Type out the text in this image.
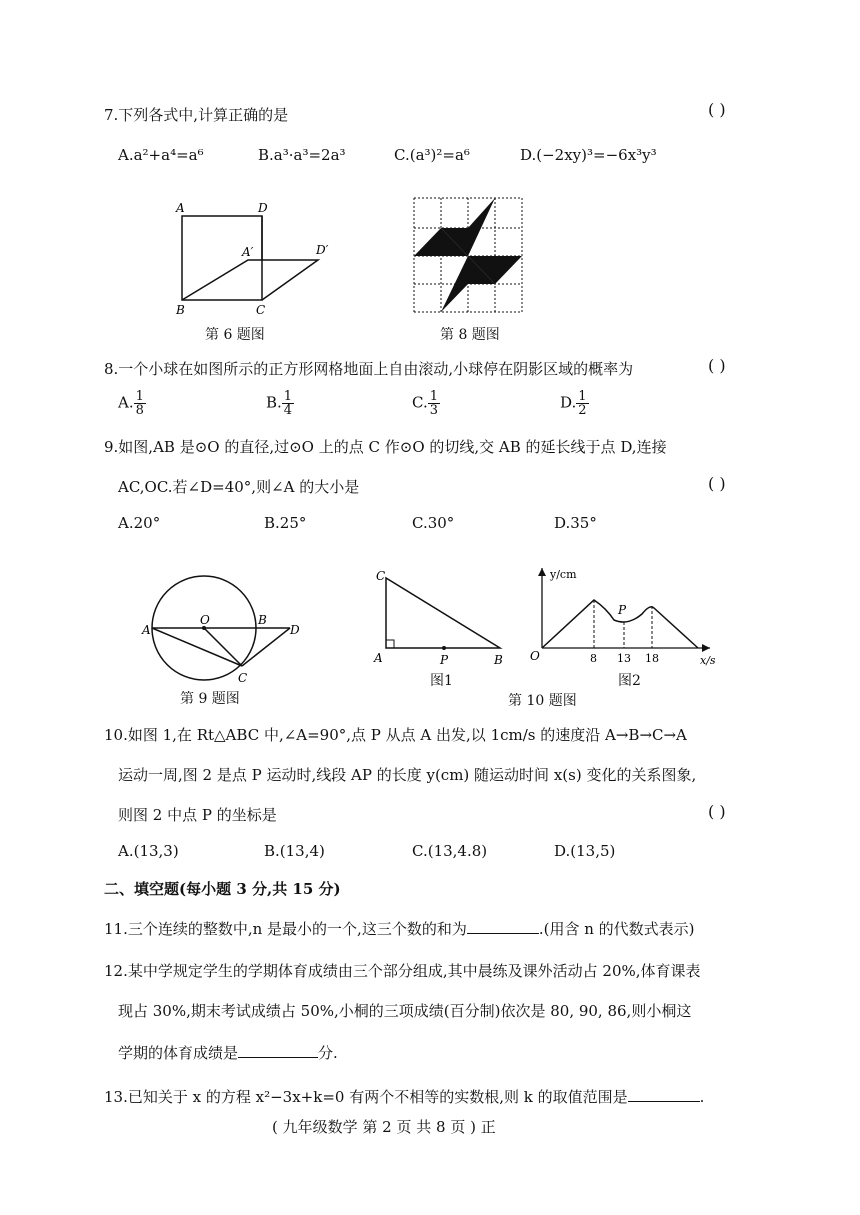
7.下列各式中,计算正确的是	( )
A.a²+a⁴=a⁶	B.a³·a³=2a³	C.(a³)²=a⁶	D.(−2xy)³=−6x³y³
A	D
A′	D′
B	C
第 6 题图	第 8 题图
8.一个小球在如图所示的正方形网格地面上自由滚动,小球停在阴影区域的概率为	( )
A. $\frac{1}{8}$	B. $\frac{1}{4}$	C. $\frac{1}{3}$	D. $\frac{1}{2}$
9.如图,AB 是⊙O 的直径,过⊙O 上的点 C 作⊙O 的切线,交 AB 的延长线于点 D,连接
AC,OC.若∠D=40°,则∠A 的大小是	( )
A.20°	B.25°	C.30°	D.35°
A
O	B
D
C
第 9 题图
C
A	P	B
图1
y/cm
x/s
O
P
8 13 18
图2
第 10 题图
10.如图 1,在 Rt△ABC 中,∠A=90°,点 P 从点 A 出发,以 1cm/s 的速度沿 A→B→C→A
运动一周,图 2 是点 P 运动时,线段 AP 的长度 y(cm) 随运动时间 x(s) 变化的关系图象,
则图 2 中点 P 的坐标是	( )
A.(13,3)	B.(13,4)	C.(13,4.8)	D.(13,5)
二、填空题(每小题 3 分,共 15 分)
11.三个连续的整数中,n 是最小的一个,这三个数的和为	.(用含 n 的代数式表示)
12.某中学规定学生的学期体育成绩由三个部分组成,其中晨练及课外活动占 20%,体育课表
现占 30%,期末考试成绩占 50%,小桐的三项成绩(百分制)依次是 80, 90, 86,则小桐这
学期的体育成绩是	分.
13.已知关于 x 的方程 x²−3x+k=0 有两个不相等的实数根,则 k 的取值范围是	.
( 九年级数学 第 2 页 共 8 页 ) 正
